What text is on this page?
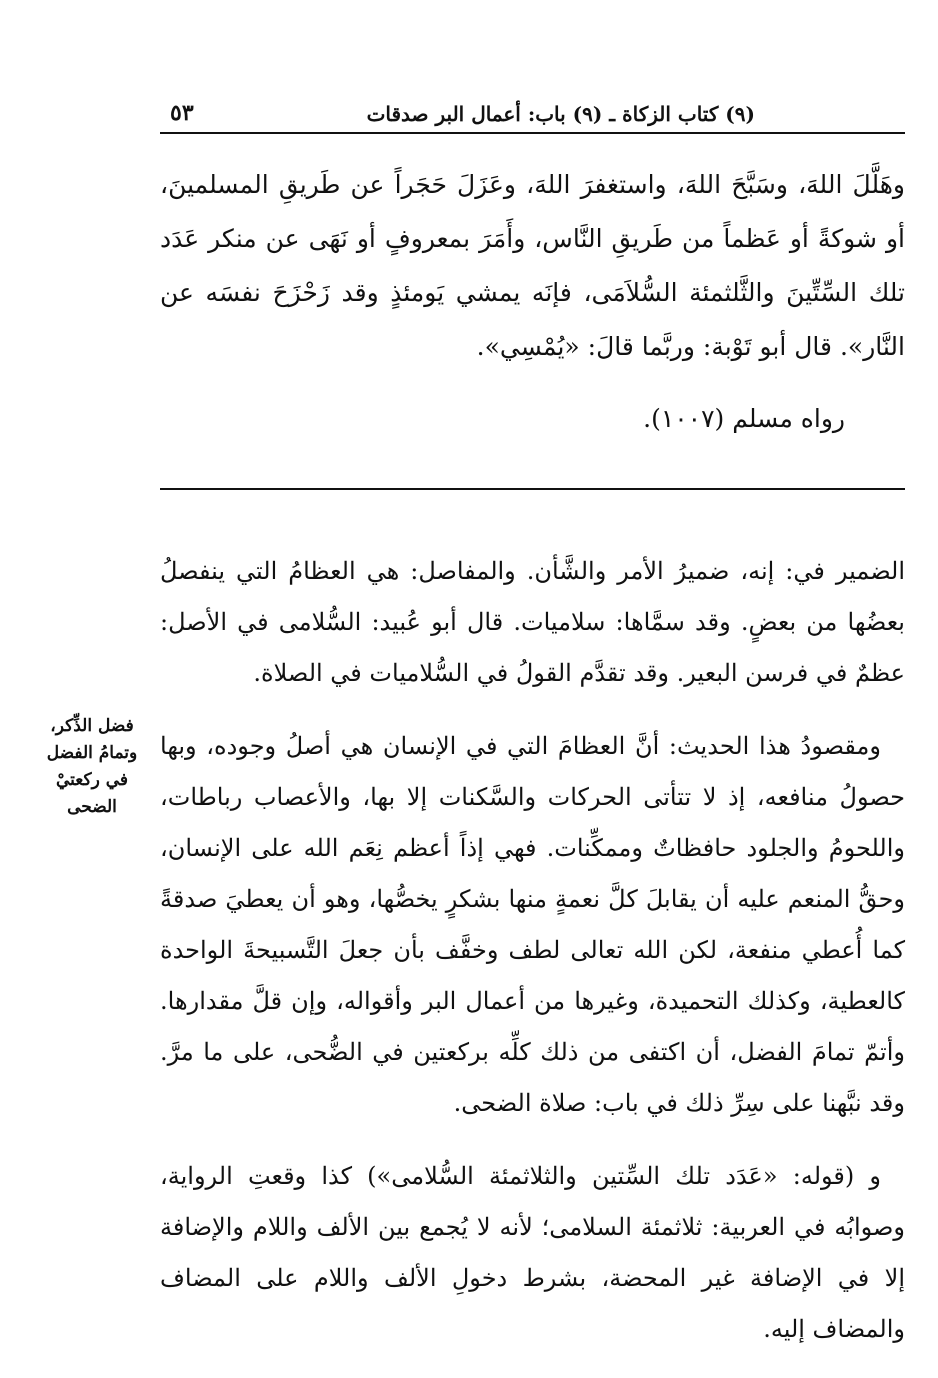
(٩) كتاب الزكاة ـ (٩) باب: أعمال البر صدقات
٥٣

وهَلَّلَ اللهَ، وسَبَّحَ اللهَ، واستغفرَ اللهَ، وعَزَلَ حَجَراً عن طَريقِ المسلمينَ، أو شوكةً أو عَظماً من طَريقِ النَّاس، وأَمَرَ بمعروفٍ أو نَهَى عن منكر عَدَد تلك السِّتِّينَ والثَّلثمئة السُّلاَمَى، فإنَه يمشي يَومئذٍ وقد زَحْزَحَ نفسَه عن النَّار». قال أبو تَوْبة: وربَّما قالَ: «يُمْسِي».

رواه مسلم (١٠٠٧).

الضمير في: إنه، ضميرُ الأمر والشَّأن. والمفاصل: هي العظامُ التي ينفصلُ بعضُها من بعضٍ. وقد سمَّاها: سلاميات. قال أبو عُبيد: السُّلامى في الأصل: عظمٌ في فرسن البعير. وقد تقدَّم القولُ في السُّلاميات في الصلاة.

ومقصودُ هذا الحديث: أنَّ العظامَ التي في الإنسان هي أصلُ وجوده، وبها حصولُ منافعه، إذ لا تتأتى الحركات والسَّكنات إلا بها، والأعصاب رباطات، واللحومُ والجلود حافظاتٌ وممكِّنات. فهي إذاً أعظم نِعَم الله على الإنسان، وحقُّ المنعم عليه أن يقابلَ كلَّ نعمةٍ منها بشكرٍ يخصُّها، وهو أن يعطيَ صدقةً كما أُعطي منفعة، لكن الله تعالى لطف وخفَّف بأن جعلَ التَّسبيحةَ الواحدة كالعطية، وكذلك التحميدة، وغيرها من أعمال البر وأقواله، وإن قلَّ مقدارها. وأتمّ تمامَ الفضل، أن اكتفى من ذلك كلِّه بركعتين في الضُّحى، على ما مرَّ. وقد نبَّهنا على سِرِّ ذلك في باب: صلاة الضحى.

و (قوله: «عَدَد تلك السِّتين والثلاثمئة السُّلامى») كذا وقعتِ الرواية، وصوابُه في العربية: ثلاثمئة السلامى؛ لأنه لا يُجمع بين الألف واللام والإضافة إلا في الإضافة غير المحضة، بشرط دخولِ الألف واللام على المضاف والمضاف إليه.

فضل الذِّكر،
وتمامُ الفضل
في ركعتيْ
الضحى
